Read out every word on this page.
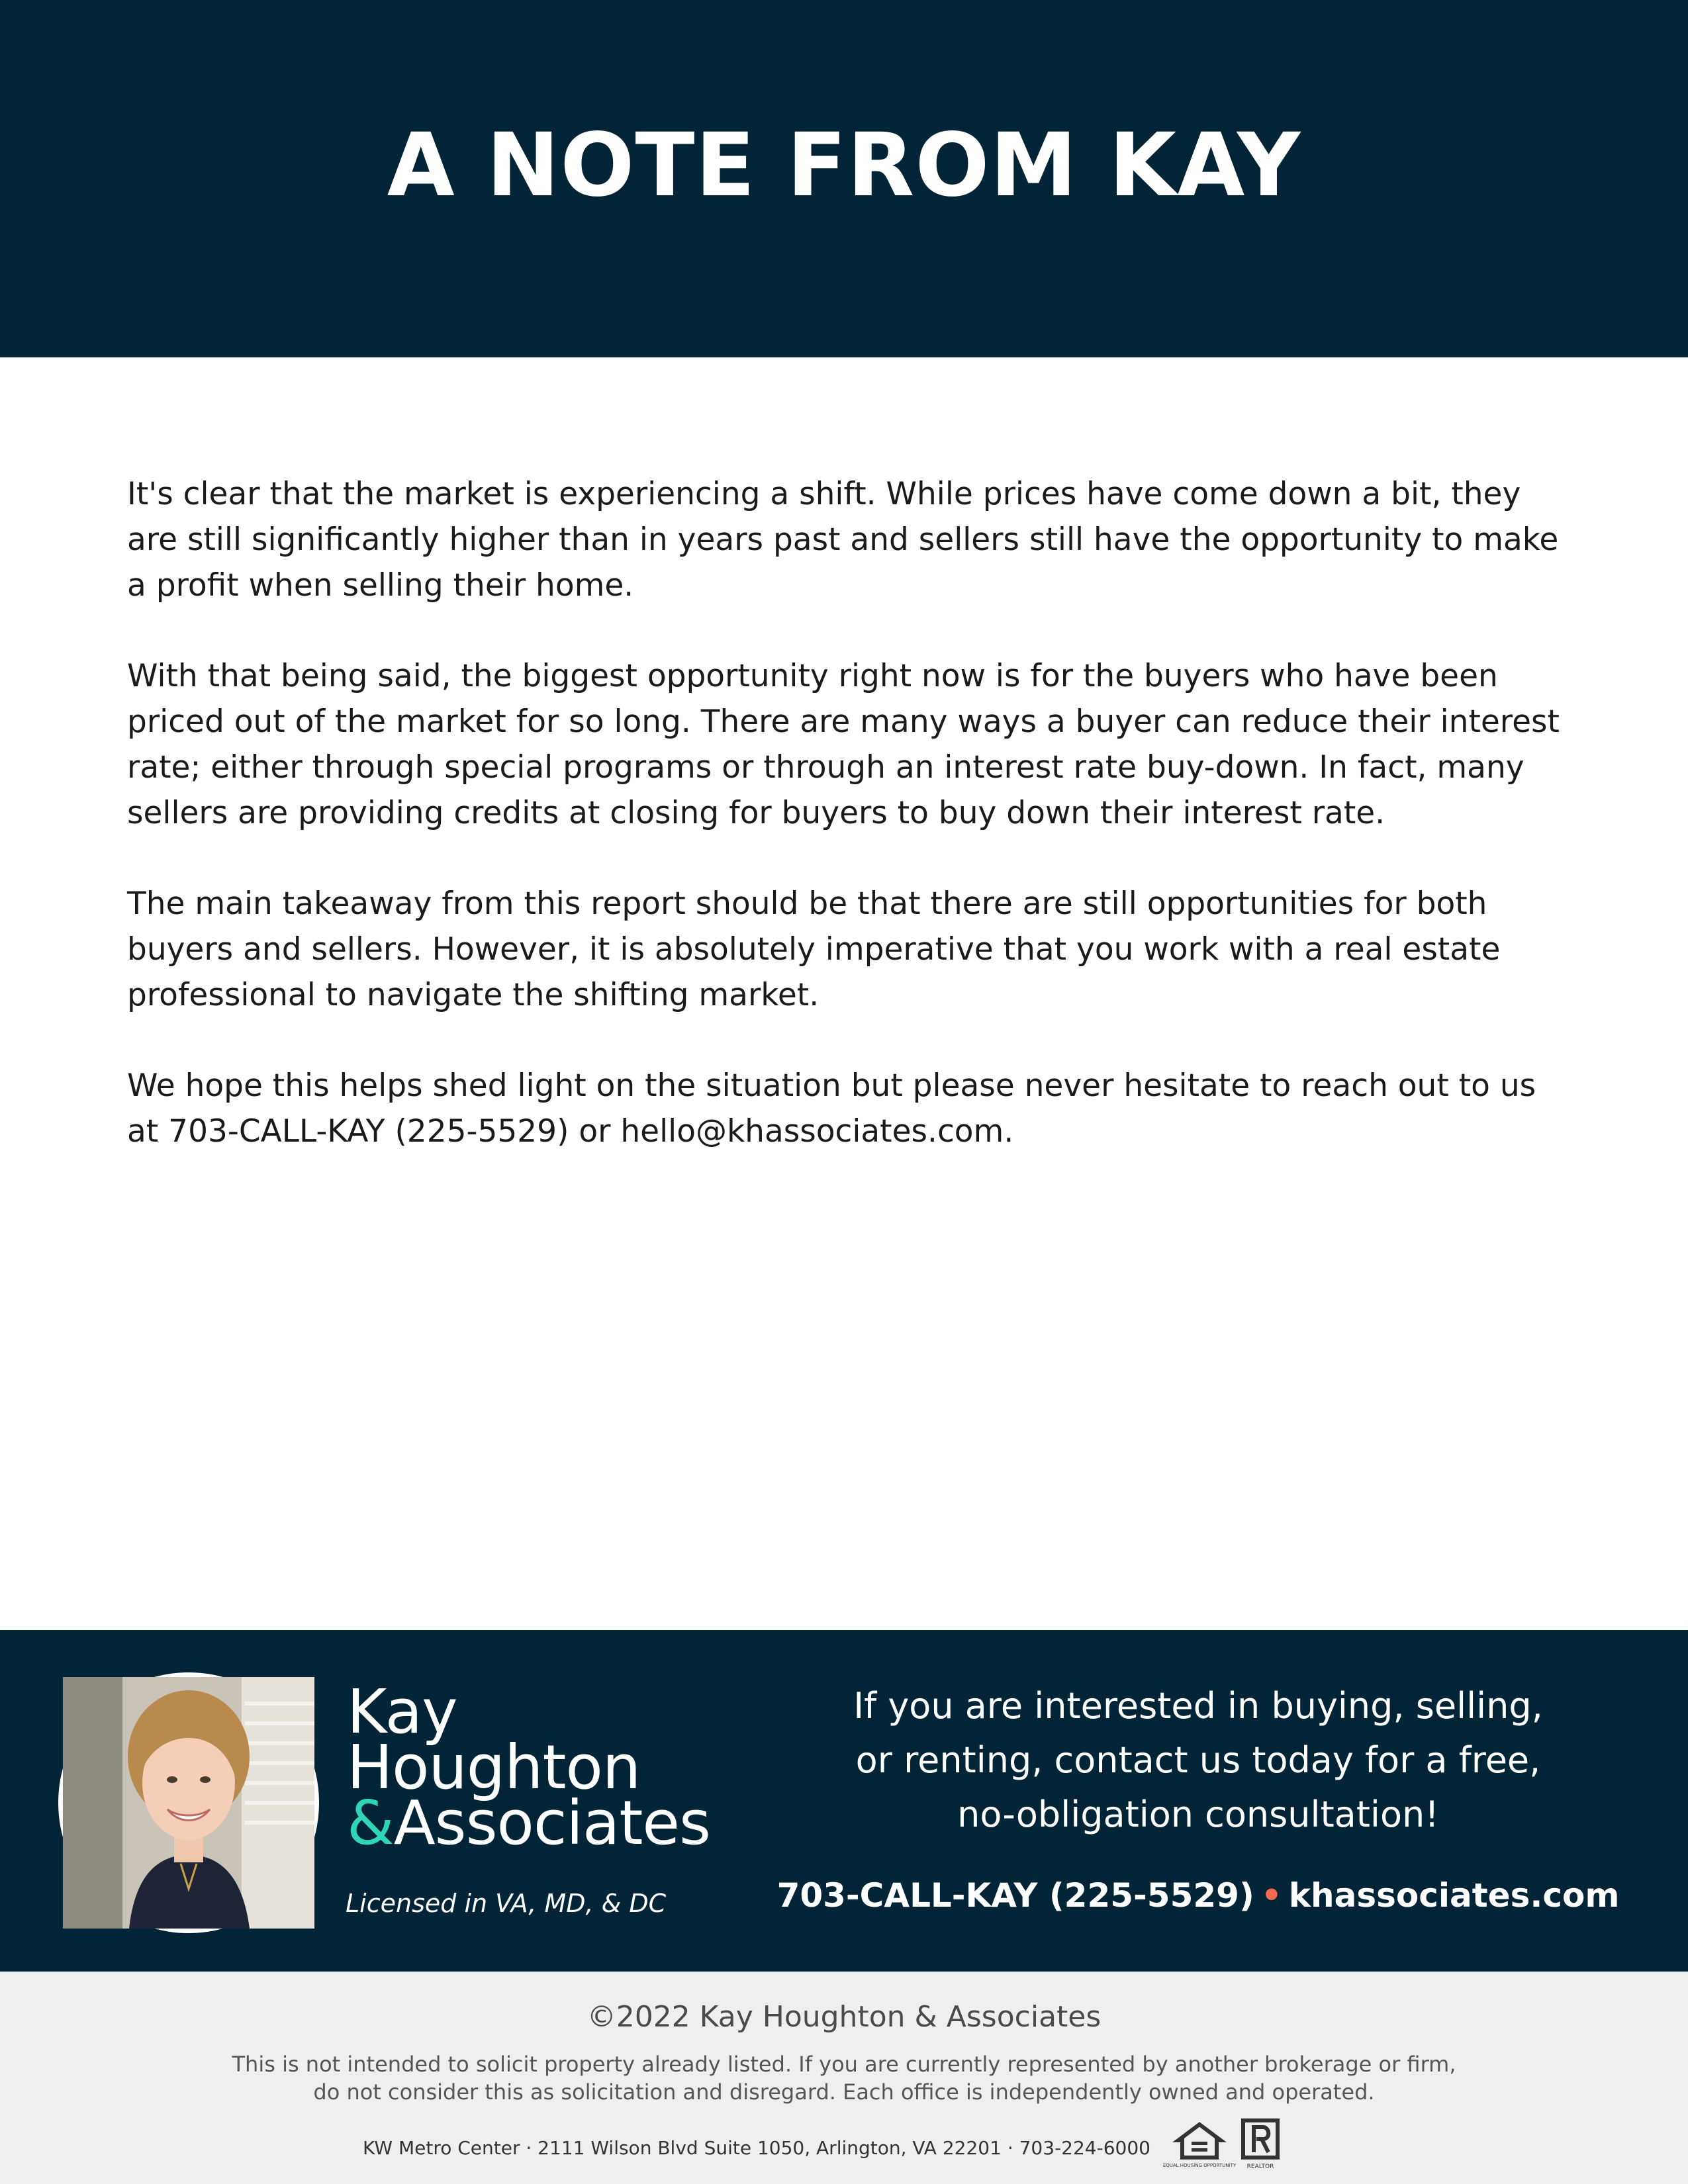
A NOTE FROM KAY

It's clear that the market is experiencing a shift. While prices have come down a bit, they are still significantly higher than in years past and sellers still have the opportunity to make a profit when selling their home.

With that being said, the biggest opportunity right now is for the buyers who have been priced out of the market for so long. There are many ways a buyer can reduce their interest rate; either through special programs or through an interest rate buy-down. In fact, many sellers are providing credits at closing for buyers to buy down their interest rate.

The main takeaway from this report should be that there are still opportunities for both buyers and sellers. However, it is absolutely imperative that you work with a real estate professional to navigate the shifting market.

We hope this helps shed light on the situation but please never hesitate to reach out to us at 703-CALL-KAY (225-5529) or hello@khassociates.com.

Kay
Houghton
&Associates
Licensed in VA, MD, & DC
If you are interested in buying, selling,
or renting, contact us today for a free,
no-obligation consultation!
703-CALL-KAY (225-5529) • khassociates.com
©2022 Kay Houghton & Associates
This is not intended to solicit property already listed. If you are currently represented by another brokerage or firm,
do not consider this as solicitation and disregard. Each office is independently owned and operated.
KW Metro Center · 2111 Wilson Blvd Suite 1050, Arlington, VA 22201 · 703-224-6000
EQUAL HOUSING OPPORTUNITY REALTOR
